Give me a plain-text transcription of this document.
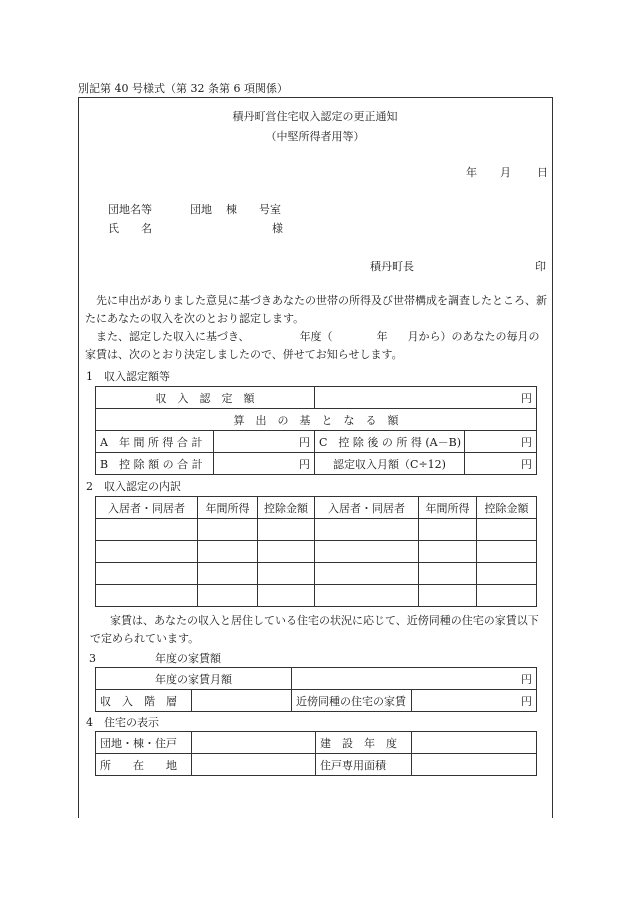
別記第 40 号様式（第 32 条第 6 項関係）
積丹町営住宅収入認定の更正通知
（中堅所得者用等）
年 月 日
団地名等	団地 棟 号室
氏　　名	様
積丹町長	印
先に申出がありました意見に基づきあなたの世帯の所得及び世帯構成を調査したところ、新たにあなたの収入を次のとおり認定します。
また、認定した収入に基づき、	年度（	年 月から）のあなたの毎月の家賃は、次のとおり決定しましたので、併せてお知らせします。
1　収入認定額等
収　入　認　定　額		円	
算　出　の　基　と　な　る　額			
A　年 間 所 得 合 計	円	C　控 除 後 の 所 得 (A－B)	円
B　控 除 額 の 合 計	円	認定収入月額（C÷12)	円
2　収入認定の内訳
入居者・同居者	年間所得	控除金額	入居者・同居者	年間所得	控除金額

家賃は、あなたの収入と居住している住宅の状況に応じて、近傍同種の住宅の家賃以下で定められています。
3	年度の家賃額
年度の家賃月額		円	
収　入　階　層		近傍同種の住宅の家賃	円
4　住宅の表示
団地・棟・住戸		建　設　年　度	
所　　在　　地		住戸専用面積	
